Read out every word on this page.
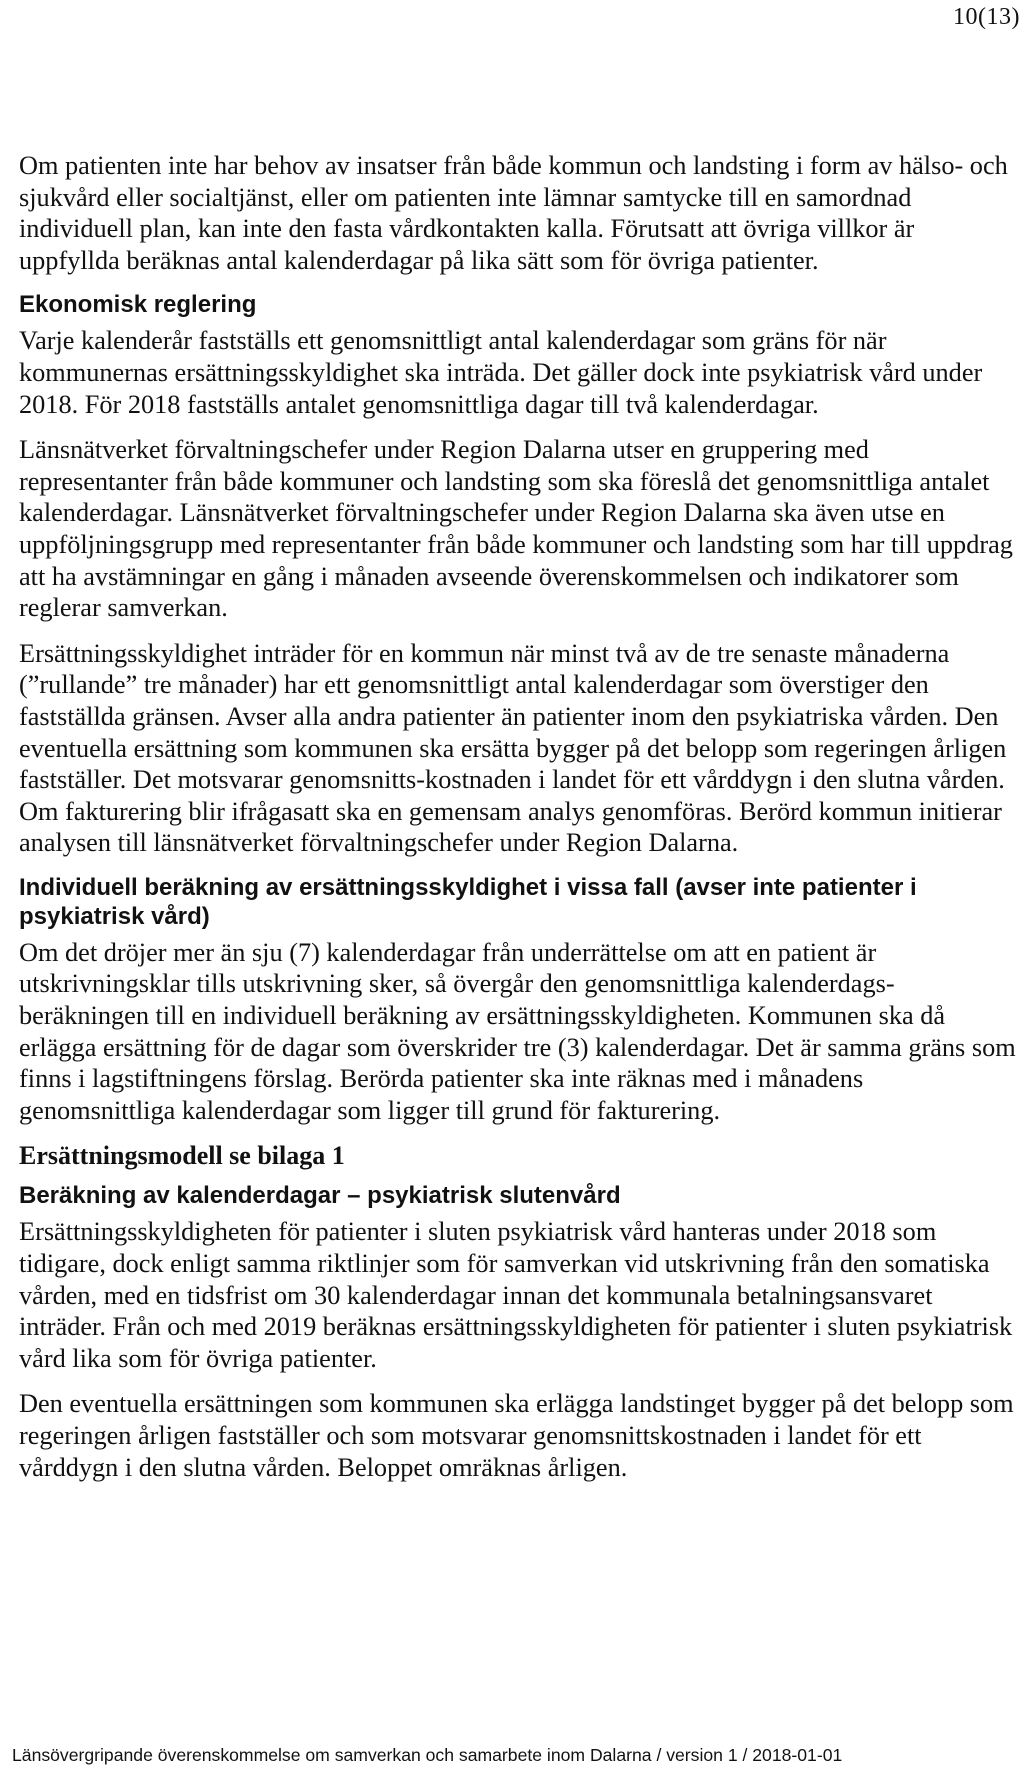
10(13)

Om patienten inte har behov av insatser från både kommun och landsting i form av hälso- och sjukvård eller socialtjänst, eller om patienten inte lämnar samtycke till en samordnad individuell plan, kan inte den fasta vårdkontakten kalla. Förutsatt att övriga villkor är uppfyllda beräknas antal kalenderdagar på lika sätt som för övriga patienter.

Ekonomisk reglering

Varje kalenderår fastställs ett genomsnittligt antal kalenderdagar som gräns för när kommunernas ersättningsskyldighet ska inträda. Det gäller dock inte psykiatrisk vård under 2018. För 2018 fastställs antalet genomsnittliga dagar till två kalenderdagar.

Länsnätverket förvaltningschefer under Region Dalarna utser en gruppering med representanter från både kommuner och landsting som ska föreslå det genomsnittliga antalet kalenderdagar. Länsnätverket förvaltningschefer under Region Dalarna ska även utse en uppföljningsgrupp med representanter från både kommuner och landsting som har till uppdrag att ha avstämningar en gång i månaden avseende överenskommelsen och indikatorer som reglerar samverkan.

Ersättningsskyldighet inträder för en kommun när minst två av de tre senaste månaderna (”rullande” tre månader) har ett genomsnittligt antal kalenderdagar som överstiger den fastställda gränsen. Avser alla andra patienter än patienter inom den psykiatriska vården. Den eventuella ersättning som kommunen ska ersätta bygger på det belopp som regeringen årligen fastställer. Det motsvarar genomsnitts-kostnaden i landet för ett vårddygn i den slutna vården. Om fakturering blir ifrågasatt ska en gemensam analys genomföras. Berörd kommun initierar analysen till länsnätverket förvaltningschefer under Region Dalarna.

Individuell beräkning av ersättningsskyldighet i vissa fall (avser inte patienter i psykiatrisk vård)

Om det dröjer mer än sju (7) kalenderdagar från underrättelse om att en patient är utskrivningsklar tills utskrivning sker, så övergår den genomsnittliga kalenderdags-beräkningen till en individuell beräkning av ersättningsskyldigheten. Kommunen ska då erlägga ersättning för de dagar som överskrider tre (3) kalenderdagar. Det är samma gräns som finns i lagstiftningens förslag. Berörda patienter ska inte räknas med i månadens genomsnittliga kalenderdagar som ligger till grund för fakturering.

Ersättningsmodell se bilaga 1
Beräkning av kalenderdagar – psykiatrisk slutenvård

Ersättningsskyldigheten för patienter i sluten psykiatrisk vård hanteras under 2018 som tidigare, dock enligt samma riktlinjer som för samverkan vid utskrivning från den somatiska vården, med en tidsfrist om 30 kalenderdagar innan det kommunala betalningsansvaret inträder. Från och med 2019 beräknas ersättningsskyldigheten för patienter i sluten psykiatrisk vård lika som för övriga patienter.

Den eventuella ersättningen som kommunen ska erlägga landstinget bygger på det belopp som regeringen årligen fastställer och som motsvarar genomsnittskostnaden i landet för ett vårddygn i den slutna vården. Beloppet omräknas årligen.

Länsövergripande överenskommelse om samverkan och samarbete inom Dalarna / version 1 / 2018-01-01
